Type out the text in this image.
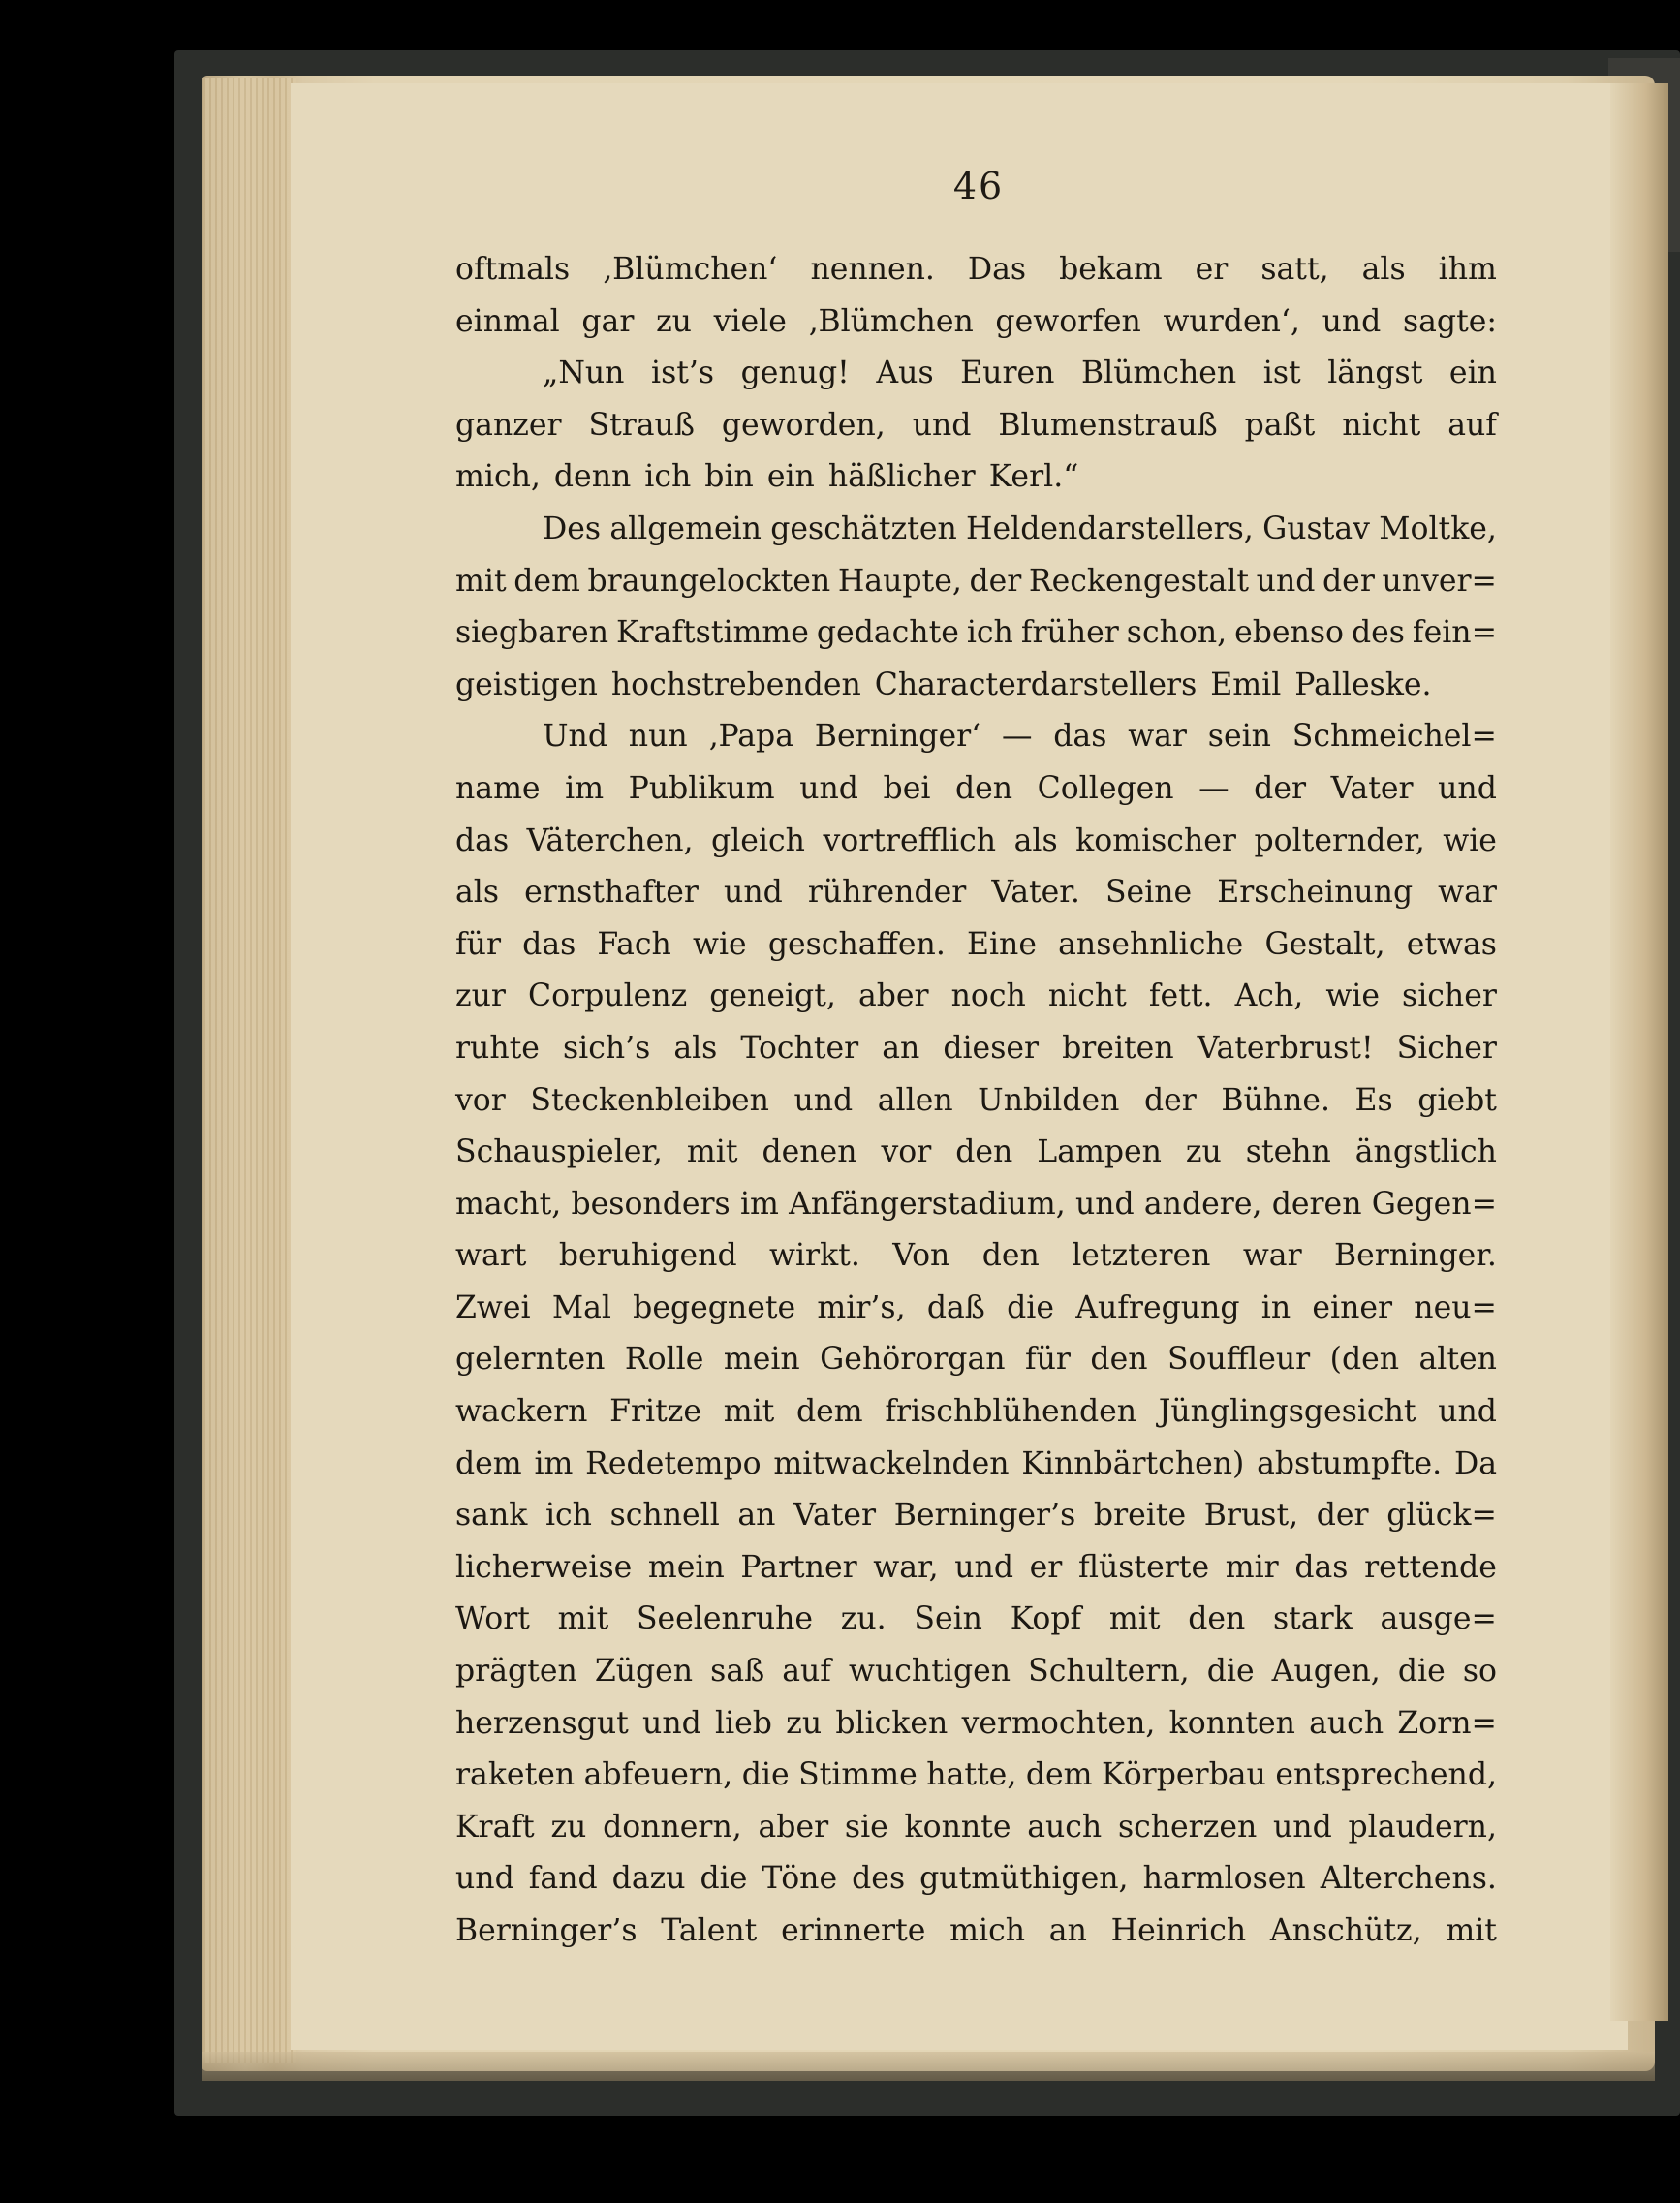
46
oftmals ‚Blümchen‘ nennen. Das bekam er satt, als ihm
einmal gar zu viele ‚Blümchen geworfen wurden‘, und sagte:
„Nun ist’s genug! Aus Euren Blümchen ist längst ein
ganzer Strauß geworden, und Blumenstrauß paßt nicht auf
mich, denn ich bin ein häßlicher Kerl.“
Des allgemein geschätzten Heldendarstellers, Gustav Moltke,
mit dem braungelockten Haupte, der Reckengestalt und der unver=
siegbaren Kraftstimme gedachte ich früher schon, ebenso des fein=
geistigen hochstrebenden Characterdarstellers Emil Palleske.
Und nun ‚Papa Berninger‘ — das war sein Schmeichel=
name im Publikum und bei den Collegen — der Vater und
das Väterchen, gleich vortrefflich als komischer polternder, wie
als ernsthafter und rührender Vater. Seine Erscheinung war
für das Fach wie geschaffen. Eine ansehnliche Gestalt, etwas
zur Corpulenz geneigt, aber noch nicht fett. Ach, wie sicher
ruhte sich’s als Tochter an dieser breiten Vaterbrust! Sicher
vor Steckenbleiben und allen Unbilden der Bühne. Es giebt
Schauspieler, mit denen vor den Lampen zu stehn ängstlich
macht, besonders im Anfängerstadium, und andere, deren Gegen=
wart beruhigend wirkt. Von den letzteren war Berninger.
Zwei Mal begegnete mir’s, daß die Aufregung in einer neu=
gelernten Rolle mein Gehörorgan für den Souffleur (den alten
wackern Fritze mit dem frischblühenden Jünglingsgesicht und
dem im Redetempo mitwackelnden Kinnbärtchen) abstumpfte. Da
sank ich schnell an Vater Berninger’s breite Brust, der glück=
licherweise mein Partner war, und er flüsterte mir das rettende
Wort mit Seelenruhe zu. Sein Kopf mit den stark ausge=
prägten Zügen saß auf wuchtigen Schultern, die Augen, die so
herzensgut und lieb zu blicken vermochten, konnten auch Zorn=
raketen abfeuern, die Stimme hatte, dem Körperbau entsprechend,
Kraft zu donnern, aber sie konnte auch scherzen und plaudern,
und fand dazu die Töne des gutmüthigen, harmlosen Alterchens.
Berninger’s Talent erinnerte mich an Heinrich Anschütz, mit
